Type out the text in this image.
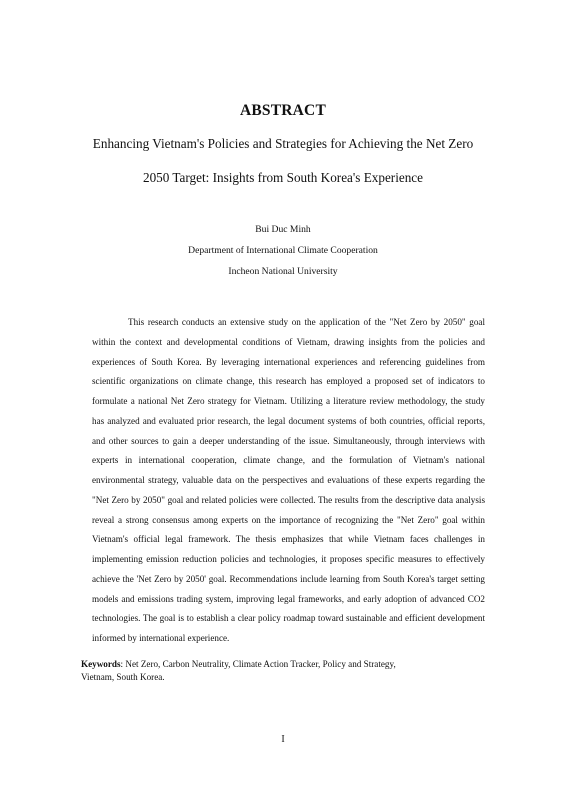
ABSTRACT
Enhancing Vietnam's Policies and Strategies for Achieving the Net Zero
2050 Target: Insights from South Korea's Experience
Bui Duc Minh
Department of International Climate Cooperation
Incheon National University

This research conducts an extensive study on the application of the "Net Zero by 2050" goal within the context and developmental conditions of Vietnam, drawing insights from the policies and experiences of South Korea. By leveraging international experiences and referencing guidelines from scientific organizations on climate change, this research has employed a proposed set of indicators to formulate a national Net Zero strategy for Vietnam. Utilizing a literature review methodology, the study has analyzed and evaluated prior research, the legal document systems of both countries, official reports, and other sources to gain a deeper understanding of the issue. Simultaneously, through interviews with experts in international cooperation, climate change, and the formulation of Vietnam's national environmental strategy, valuable data on the perspectives and evaluations of these experts regarding the "Net Zero by 2050" goal and related policies were collected. The results from the descriptive data analysis reveal a strong consensus among experts on the importance of recognizing the "Net Zero" goal within Vietnam's official legal framework. The thesis emphasizes that while Vietnam faces challenges in implementing emission reduction policies and technologies, it proposes specific measures to effectively achieve the 'Net Zero by 2050' goal. Recommendations include learning from South Korea's target setting models and emissions trading system, improving legal frameworks, and early adoption of advanced CO2 technologies. The goal is to establish a clear policy roadmap toward sustainable and efficient development informed by international experience.

Keywords: Net Zero, Carbon Neutrality, Climate Action Tracker, Policy and Strategy,
Vietnam, South Korea.

I
